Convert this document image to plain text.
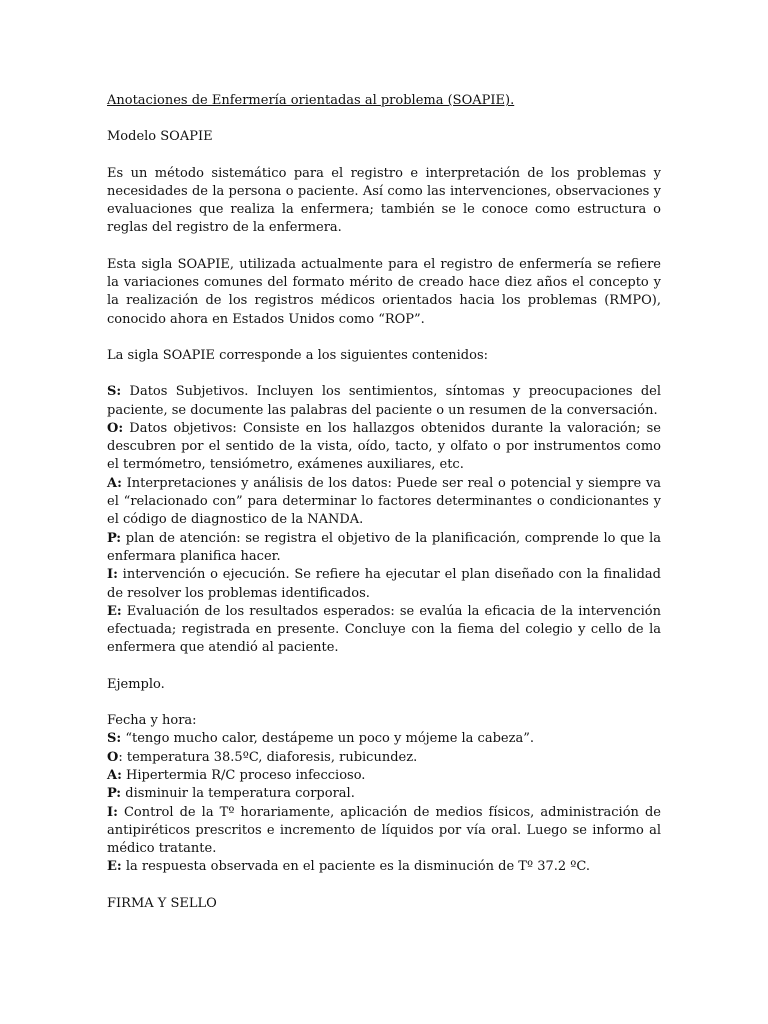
Anotaciones de Enfermería orientadas al problema (SOAPIE).

Modelo SOAPIE

Es un método sistemático para el registro e interpretación de los problemas y necesidades de la persona o paciente. Así como las intervenciones, observaciones y evaluaciones que realiza la enfermera; también se le conoce como estructura o reglas del registro de la enfermera.

Esta sigla SOAPIE, utilizada actualmente para el registro de enfermería se refiere la variaciones comunes del formato mérito de creado hace diez años el concepto y la realización de los registros médicos orientados hacia los problemas (RMPO), conocido ahora en Estados Unidos como “ROP”.

La sigla SOAPIE corresponde a los siguientes contenidos:

S: Datos Subjetivos. Incluyen los sentimientos, síntomas y preocupaciones del paciente, se documente las palabras del paciente o un resumen de la conversación.

O: Datos objetivos: Consiste en los hallazgos obtenidos durante la valoración; se descubren por el sentido de la vista, oído, tacto, y olfato o por instrumentos como el termómetro, tensiómetro, exámenes auxiliares, etc.

A: Interpretaciones y análisis de los datos: Puede ser real o potencial y siempre va el “relacionado con” para determinar lo factores determinantes o condicionantes y el código de diagnostico de la NANDA.

P: plan de atención: se registra el objetivo de la planificación, comprende lo que la enfermara planifica hacer.

I: intervención o ejecución. Se refiere ha ejecutar el plan diseñado con la finalidad de resolver los problemas identificados.

E: Evaluación de los resultados esperados: se evalúa la eficacia de la intervención efectuada; registrada en presente. Concluye con la fiema del colegio y cello de la enfermera que atendió al paciente.

Ejemplo.

Fecha y hora:

S: “tengo mucho calor, destápeme un poco y mójeme la cabeza”.

O: temperatura 38.5ºC, diaforesis, rubicundez.

A: Hipertermia R/C proceso infeccioso.

P: disminuir la temperatura corporal.

I: Control de la Tº horariamente, aplicación de medios físicos, administración de antipiréticos prescritos e incremento de líquidos por vía oral. Luego se informo al médico tratante.

E: la respuesta observada en el paciente es la disminución de Tº 37.2 ºC.

FIRMA Y SELLO
